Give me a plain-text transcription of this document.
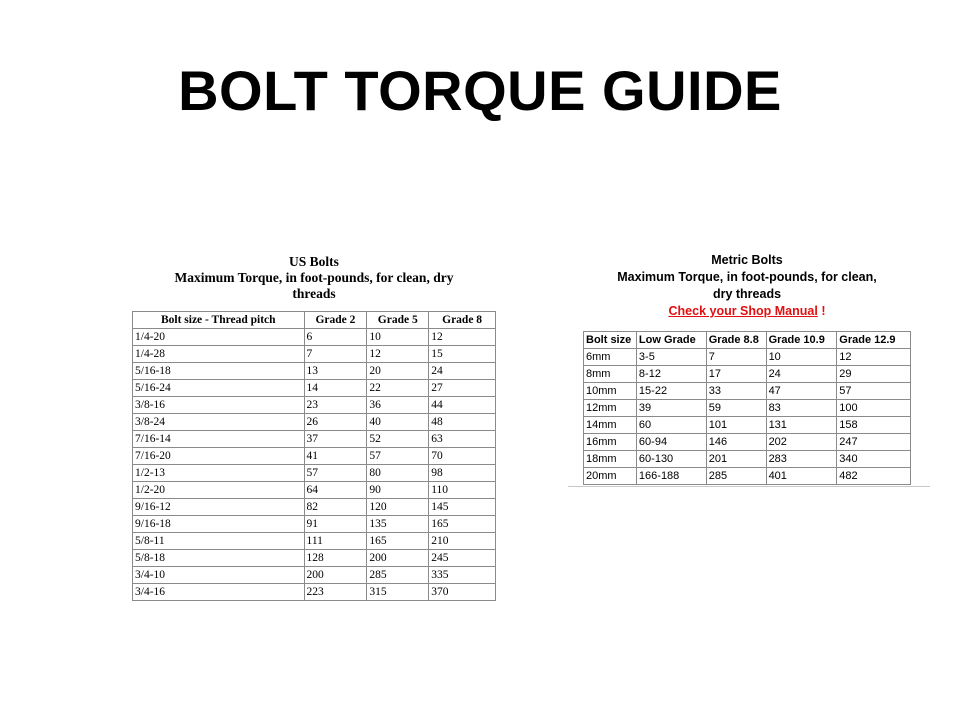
BOLT TORQUE GUIDE
US Bolts
Maximum Torque, in foot-pounds, for clean, dry
threads
Bolt size - Thread pitch	Grade 2	Grade 5	Grade 8
1/4-20	6	10	12
1/4-28	7	12	15
5/16-18	13	20	24
5/16-24	14	22	27
3/8-16	23	36	44
3/8-24	26	40	48
7/16-14	37	52	63
7/16-20	41	57	70
1/2-13	57	80	98
1/2-20	64	90	110
9/16-12	82	120	145
9/16-18	91	135	165
5/8-11	111	165	210
5/8-18	128	200	245
3/4-10	200	285	335
3/4-16	223	315	370
Metric Bolts
Maximum Torque, in foot-pounds, for clean,
dry threads
Check your Shop Manual !
Bolt size	Low Grade	Grade 8.8	Grade 10.9	Grade 12.9
6mm	3-5	7	10	12
8mm	8-12	17	24	29
10mm	15-22	33	47	57
12mm	39	59	83	100
14mm	60	101	131	158
16mm	60-94	146	202	247
18mm	60-130	201	283	340
20mm	166-188	285	401	482
